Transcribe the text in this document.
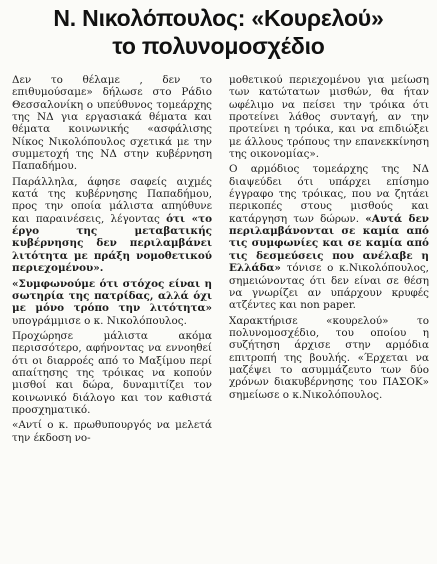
Ν. Νικολόπουλος: «Κουρελού»
το πολυνομοσχέδιο

Δεν το θέλαμε , δεν το επιθυμούσαμε» δήλωσε στο Ράδιο Θεσσαλονίκη ο υπεύθυνος τομεάρχης της ΝΔ για εργασιακά θέματα και θέματα κοινωνικής «ασφάλισης Νίκος Νικολόπουλος σχετικά με την συμμετοχή της ΝΔ στην κυβέρνηση Παπαδήμου.

Παράλληλα, άφησε σαφείς αιχμές κατά της κυβέρνησης Παπαδήμου, προς την οποία μάλιστα απηύθυνε και παραινέσεις, λέγοντας ότι «το έργο της μεταβατικής κυβέρνησης δεν περιλαμβάνει λιτότητα με πράξη νομοθετικού περιεχομένου».

«Συμφωνούμε ότι στόχος είναι η σωτηρία της πατρίδας, αλλά όχι με μόνο τρόπο την λιτότητα» υπογράμμισε ο κ. Νικολόπουλος.

Προχώρησε μάλιστα ακόμα περισσότερο, αφήνοντας να εννοηθεί ότι οι διαρροές από το Μαξίμου περί απαίτησης της τρόικας να κοπούν μισθοί και δώρα, δυναμιτίζει τον κοινωνικό διάλογο και τον καθιστά προσχηματικό.

«Αντί ο κ. πρωθυπουργός να μελετά την έκδοση νο-

μοθετικού περιεχομένου για μείωση των κατώτατων μισθών, θα ήταν ωφέλιμο να πείσει την τρόικα ότι προτείνει λάθος συνταγή, αν την προτείνει η τρόικα, και να επιδιώξει με άλλους τρόπους την επανεκκίνηση της οικονομίας».

Ο αρμόδιος τομεάρχης της ΝΔ διαψεύδει ότι υπάρχει επίσημο έγγραφο της τρόικας, που να ζητάει περικοπές στους μισθούς και κατάργηση των δώρων. «Αυτά δεν περιλαμβάνονται σε καμία από τις συμφωνίες και σε καμία από τις δεσμεύσεις που ανέλαβε η Ελλάδα» τόνισε ο κ.Νικολόπουλος, σημειώνοντας ότι δεν είναι σε θέση να γνωρίζει αν υπάρχουν κρυφές ατζέντες και non paper.

Χαρακτήρισε «κουρελού» το πολυνομοσχέδιο, του οποίου η συζήτηση άρχισε στην αρμόδια επιτροπή της βουλής. «Έρχεται να μαζέψει το ασυμμάζευτο των δύο χρόνων διακυβέρνησης του ΠΑΣΟΚ» σημείωσε ο κ.Νικολόπουλος.
